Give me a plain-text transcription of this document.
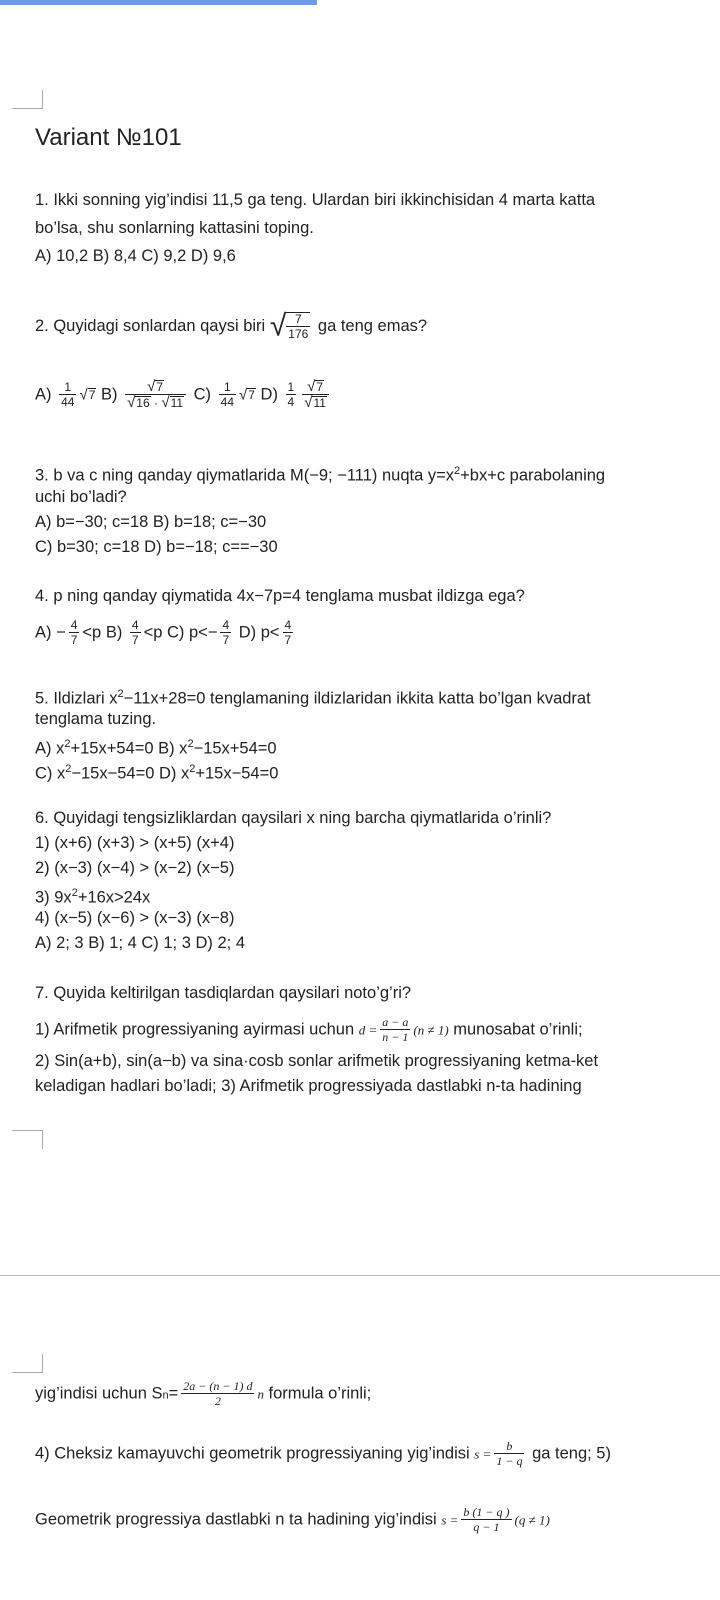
Variant №101
1. Ikki sonning yig’indisi 11,5 ga teng. Ulardan biri ikkinchisidan 4 marta katta
bo’lsa, shu sonlarning kattasini toping.
A) 10,2 B) 8,4 C) 9,2 D) 9,6
2. Quyidagi sonlardan qaysi biri √ $\frac{7}{176}$ ga teng emas?
$A) \frac{1}{44} √7$ $B) \frac{√7}{√16 \cdot √11} C) \frac{1}{44} √7$ $D) \frac{1}{4} \frac{√7}{√11}$
3. b va c ning qanday qiymatlarida M(−9; −111) nuqta $y=x^2+bx+c$ parabolaning
uchi bo’ladi?
A) b=−30; c=18 B) b=18; c=−30
C) b=30; c=18 D) b=−18; c==−30
4. p ning qanday qiymatida 4x−7p=4 tenglama musbat ildizga ega?
$A) - \frac{4}{7} <p$ $B) \frac{4}{7} <p$ C) $p<- \frac{4}{7} D$) $p< \frac{4}{7}$
5. Ildizlari $x^2-11x+28=0$ tenglamaning ildizlaridan ikkita katta bo’lgan kvadrat
tenglama tuzing.
A) $x^2+15x+54=0$ B) $x^2-15x+54=0$
C) $x^2-15x-54=0$ D) $x^2+15x-54=0$
6. Quyidagi tengsizliklardan qaysilari x ning barcha qiymatlarida o’rinli?
1) (x+6) (x+3) > (x+5) (x+4)
2) (x−3) (x−4) > (x−2) (x−5)
3) $9x^2+16x>24x$
4) (x−5) (x−6) > (x−3) (x−8)
A) 2; 3 B) 1; 4 C) 1; 3 D) 2; 4
7. Quyida keltirilgan tasdiqlardan qaysilari noto’g’ri?
1) Arifmetik progressiyaning ayirmasi uchun $d = \frac{a - a}{n - 1} (n \ne 1)$ munosabat o’rinli;
2) Sin(a+b), sin(a−b) va sina·cosb sonlar arifmetik progressiyaning ketma-ket
keladigan hadlari bo’ladi; 3) Arifmetik progressiyada dastlabki n-ta hadining
yig’indisi uchun $Sn= \frac{2a - (n - 1) d}{2}$ n formula o’rinli;
4) Cheksiz kamayuvchi geometrik progressiyaning yig’indisi $s = \frac{b}{1 - q}$ ga teng; 5)
Geometrik progressiya dastlabki n ta hadining yig’indisi $s = \frac{b (1 - q )}{q - 1} (q \ne 1)$
